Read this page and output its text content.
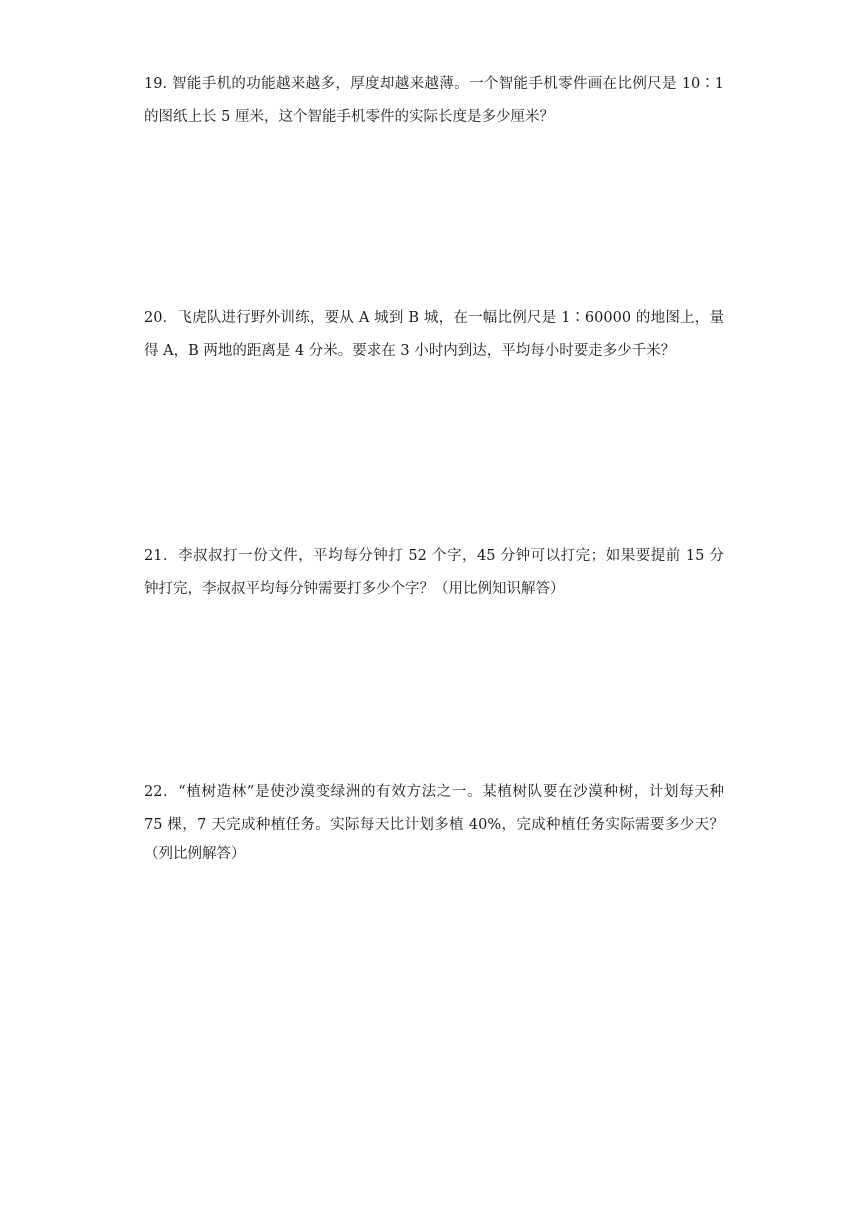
19. 智能手机的功能越来越多，厚度却越来越薄。一个智能手机零件画在比例尺是 10∶1
的图纸上长 5 厘米，这个智能手机零件的实际长度是多少厘米？
20．飞虎队进行野外训练，要从 A 城到 B 城，在一幅比例尺是 1∶60000 的地图上，量
得 A，B 两地的距离是 4 分米。要求在 3 小时内到达，平均每小时要走多少千米？
21．李叔叔打一份文件，平均每分钟打 52 个字，45 分钟可以打完；如果要提前 15 分
钟打完，李叔叔平均每分钟需要打多少个字？（用比例知识解答）
22．“植树造林”是使沙漠变绿洲的有效方法之一。某植树队要在沙漠种树，计划每天种
75 棵，7 天完成种植任务。实际每天比计划多植 40%，完成种植任务实际需要多少天？
（列比例解答）
